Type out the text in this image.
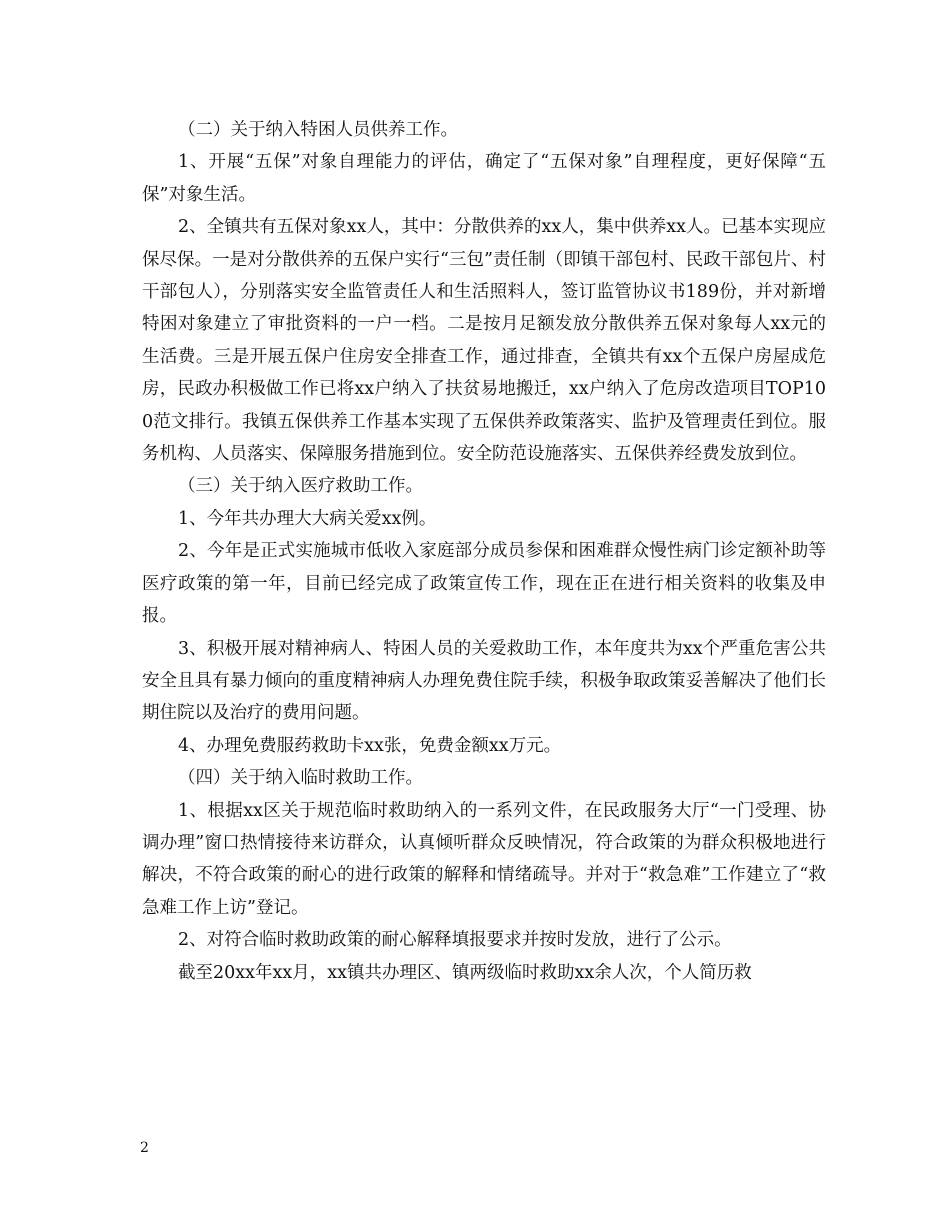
（二）关于纳入特困人员供养工作。

1、开展“五保”对象自理能力的评估，确定了“五保对象”自理程度，更好保障“五保”对象生活。

2、全镇共有五保对象xx人，其中：分散供养的xx人，集中供养xx人。已基本实现应保尽保。一是对分散供养的五保户实行“三包”责任制（即镇干部包村、民政干部包片、村干部包人），分别落实安全监管责任人和生活照料人，签订监管协议书189份，并对新增特困对象建立了审批资料的一户一档。二是按月足额发放分散供养五保对象每人xx元的生活费。三是开展五保户住房安全排查工作，通过排查，全镇共有xx个五保户房屋成危房，民政办积极做工作已将xx户纳入了扶贫易地搬迁，xx户纳入了危房改造项目TOP100范文排行。我镇五保供养工作基本实现了五保供养政策落实、监护及管理责任到位。服务机构、人员落实、保障服务措施到位。安全防范设施落实、五保供养经费发放到位。

（三）关于纳入医疗救助工作。

1、今年共办理大大病关爱xx例。

2、今年是正式实施城市低收入家庭部分成员参保和困难群众慢性病门诊定额补助等医疗政策的第一年，目前已经完成了政策宣传工作，现在正在进行相关资料的收集及申报。

3、积极开展对精神病人、特困人员的关爱救助工作，本年度共为xx个严重危害公共安全且具有暴力倾向的重度精神病人办理免费住院手续，积极争取政策妥善解决了他们长期住院以及治疗的费用问题。

4、办理免费服药救助卡xx张，免费金额xx万元。

（四）关于纳入临时救助工作。

1、根据xx区关于规范临时救助纳入的一系列文件，在民政服务大厅“一门受理、协调办理”窗口热情接待来访群众，认真倾听群众反映情况，符合政策的为群众积极地进行解决，不符合政策的耐心的进行政策的解释和情绪疏导。并对于“救急难”工作建立了“救急难工作上访”登记。

2、对符合临时救助政策的耐心解释填报要求并按时发放，进行了公示。

截至20xx年xx月，xx镇共办理区、镇两级临时救助xx余人次，个人简历救

2
